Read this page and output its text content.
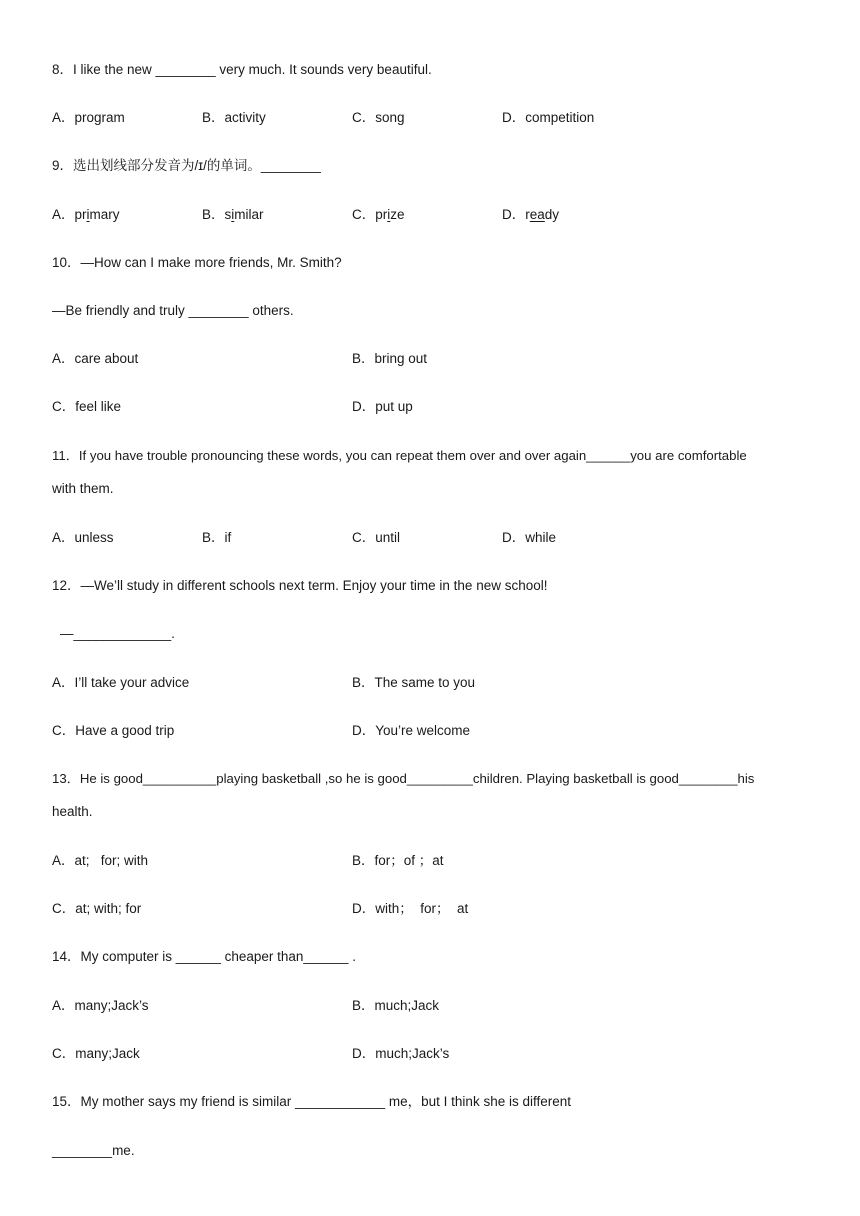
8．I like the new ________ very much. It sounds very beautiful.
A．program	B．activity	C．song	D．competition
9．选出划线部分发音为/ɪ/的单词。________
A．primary	B．similar	C．prize	D．ready
10．—How can I make more friends, Mr. Smith?
—Be friendly and truly ________ others.
A．care about	B．bring out
C．feel like	D．put up
11．If you have trouble pronouncing these words, you can repeat them over and over again______you are comfortable
with them.
A．unless	B．if	C．until	D．while
12．—We’ll study in different schools next term. Enjoy your time in the new school!
—_____________.
A．I’ll take your advice	B．The same to you
C．Have a good trip	D．You’re welcome
13．He is good__________playing basketball ,so he is good_________children. Playing basketball is good________his
health.
A．at;   for; with	B．for；of ；at
C．at; with; for	D．with；  for；  at
14．My computer is ______ cheaper than______ .
A．many;Jack’s	B．much;Jack
C．many;Jack	D．much;Jack’s
15．My mother says my friend is similar ____________ me，but I think she is different
________me.
